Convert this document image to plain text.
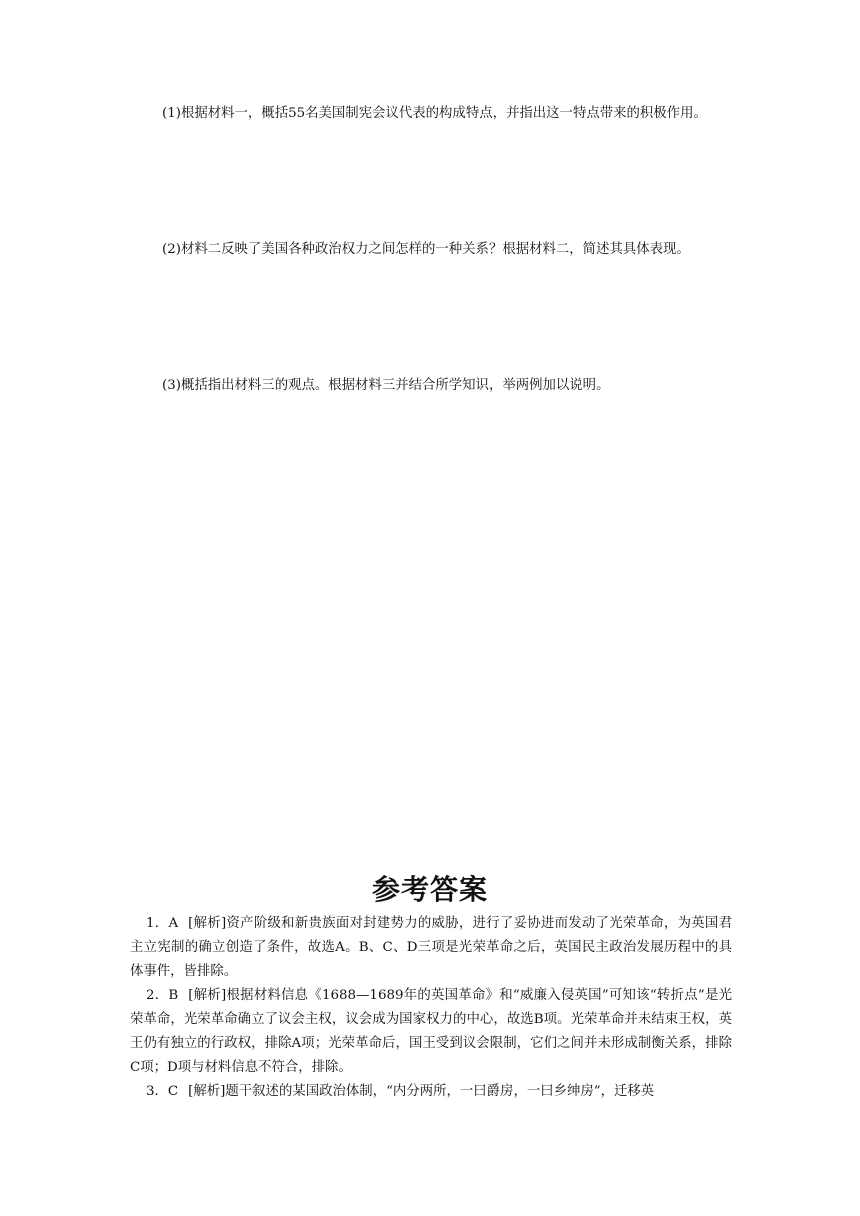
(1)根据材料一，概括55名美国制宪会议代表的构成特点，并指出这一特点带来的积极作用。

(2)材料二反映了美国各种政治权力之间怎样的一种关系？根据材料二，简述其具体表现。

(3)概括指出材料三的观点。根据材料三并结合所学知识，举两例加以说明。

参考答案

1．A [解析]资产阶级和新贵族面对封建势力的威胁，进行了妥协进而发动了光荣革命，为英国君主立宪制的确立创造了条件，故选A。B、C、D三项是光荣革命之后，英国民主政治发展历程中的具体事件，皆排除。

2．B [解析]根据材料信息《1688—1689年的英国革命》和“威廉入侵英国”可知该“转折点”是光荣革命，光荣革命确立了议会主权，议会成为国家权力的中心，故选B项。光荣革命并未结束王权，英王仍有独立的行政权，排除A项；光荣革命后，国王受到议会限制，它们之间并未形成制衡关系，排除C项；D项与材料信息不符合，排除。

3．C [解析]题干叙述的某国政治体制，“内分两所，一曰爵房，一曰乡绅房”，迁移英
